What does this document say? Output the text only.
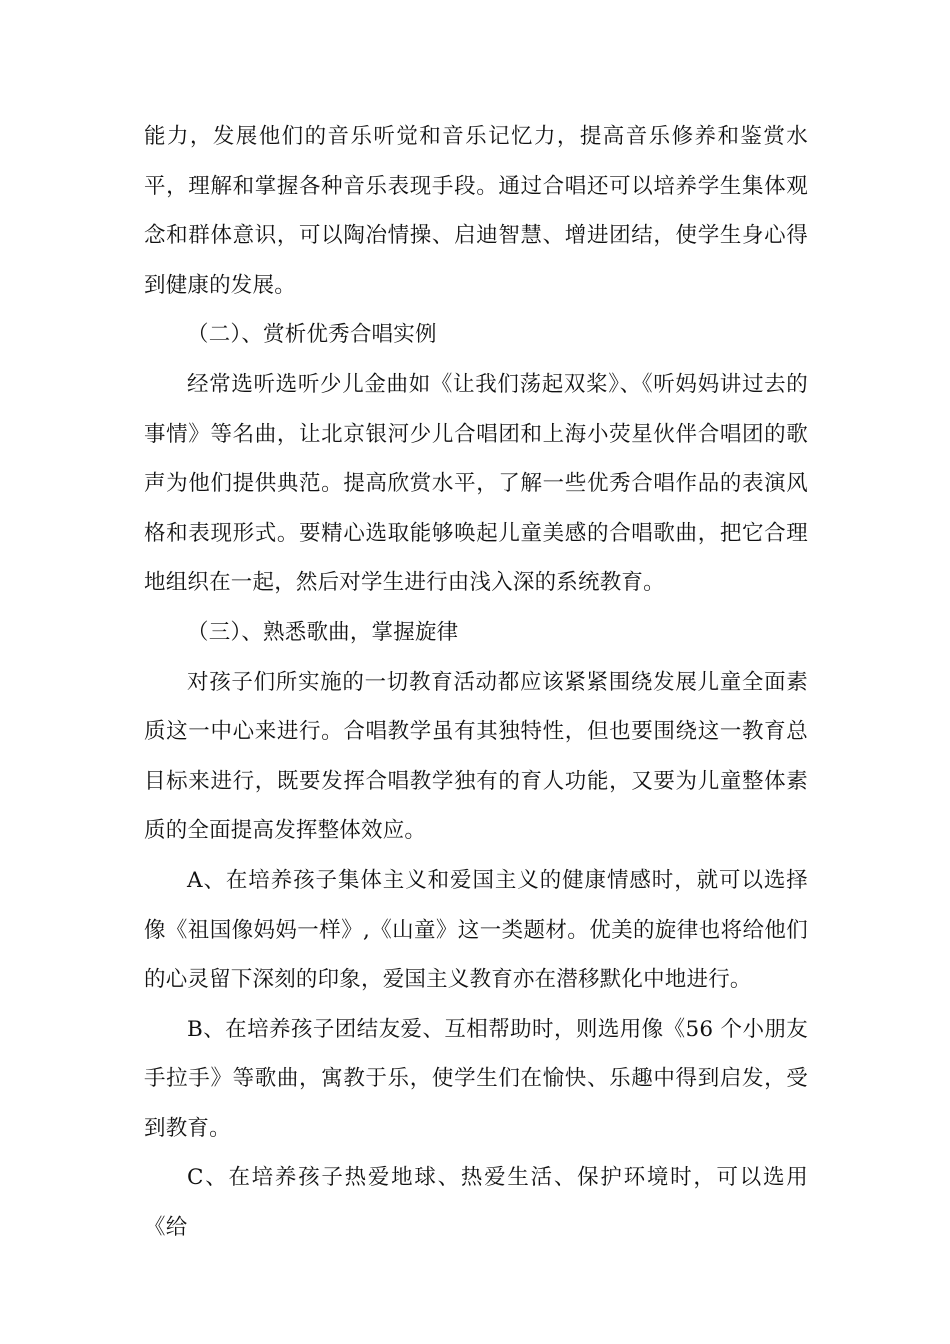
能力，发展他们的音乐听觉和音乐记忆力，提高音乐修养和鉴赏水平，理解和掌握各种音乐表现手段。通过合唱还可以培养学生集体观念和群体意识，可以陶冶情操、启迪智慧、增进团结，使学生身心得到健康的发展。

（二）、赏析优秀合唱实例

经常选听选听少儿金曲如《让我们荡起双桨》、《听妈妈讲过去的事情》等名曲，让北京银河少儿合唱团和上海小荧星伙伴合唱团的歌声为他们提供典范。提高欣赏水平，了解一些优秀合唱作品的表演风格和表现形式。要精心选取能够唤起儿童美感的合唱歌曲，把它合理地组织在一起，然后对学生进行由浅入深的系统教育。

（三）、熟悉歌曲，掌握旋律

对孩子们所实施的一切教育活动都应该紧紧围绕发展儿童全面素质这一中心来进行。合唱教学虽有其独特性，但也要围绕这一教育总目标来进行，既要发挥合唱教学独有的育人功能，又要为儿童整体素质的全面提高发挥整体效应。

A、在培养孩子集体主义和爱国主义的健康情感时，就可以选择像《祖国像妈妈一样》,《山童》这一类题材。优美的旋律也将给他们的心灵留下深刻的印象，爱国主义教育亦在潜移默化中地进行。

B、在培养孩子团结友爱、互相帮助时，则选用像《56 个小朋友手拉手》等歌曲，寓教于乐，使学生们在愉快、乐趣中得到启发，受到教育。

C、在培养孩子热爱地球、热爱生活、保护环境时，可以选用《给
